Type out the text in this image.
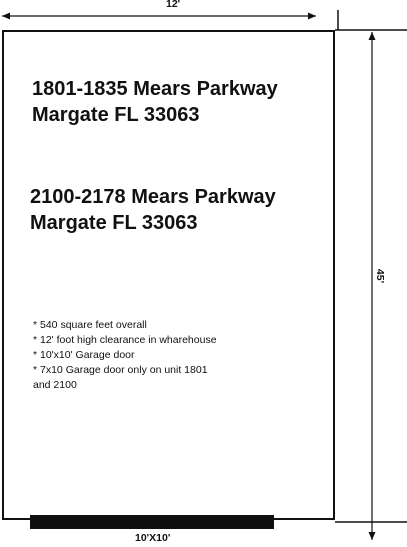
12'
45'
1801-1835 Mears Parkway
Margate FL 33063
2100-2178 Mears Parkway
Margate FL 33063
* 540 square feet overall
* 12' foot high clearance in wharehouse
* 10'x10' Garage door
* 7x10 Garage door only on unit 1801
and 2100
10'X10'
